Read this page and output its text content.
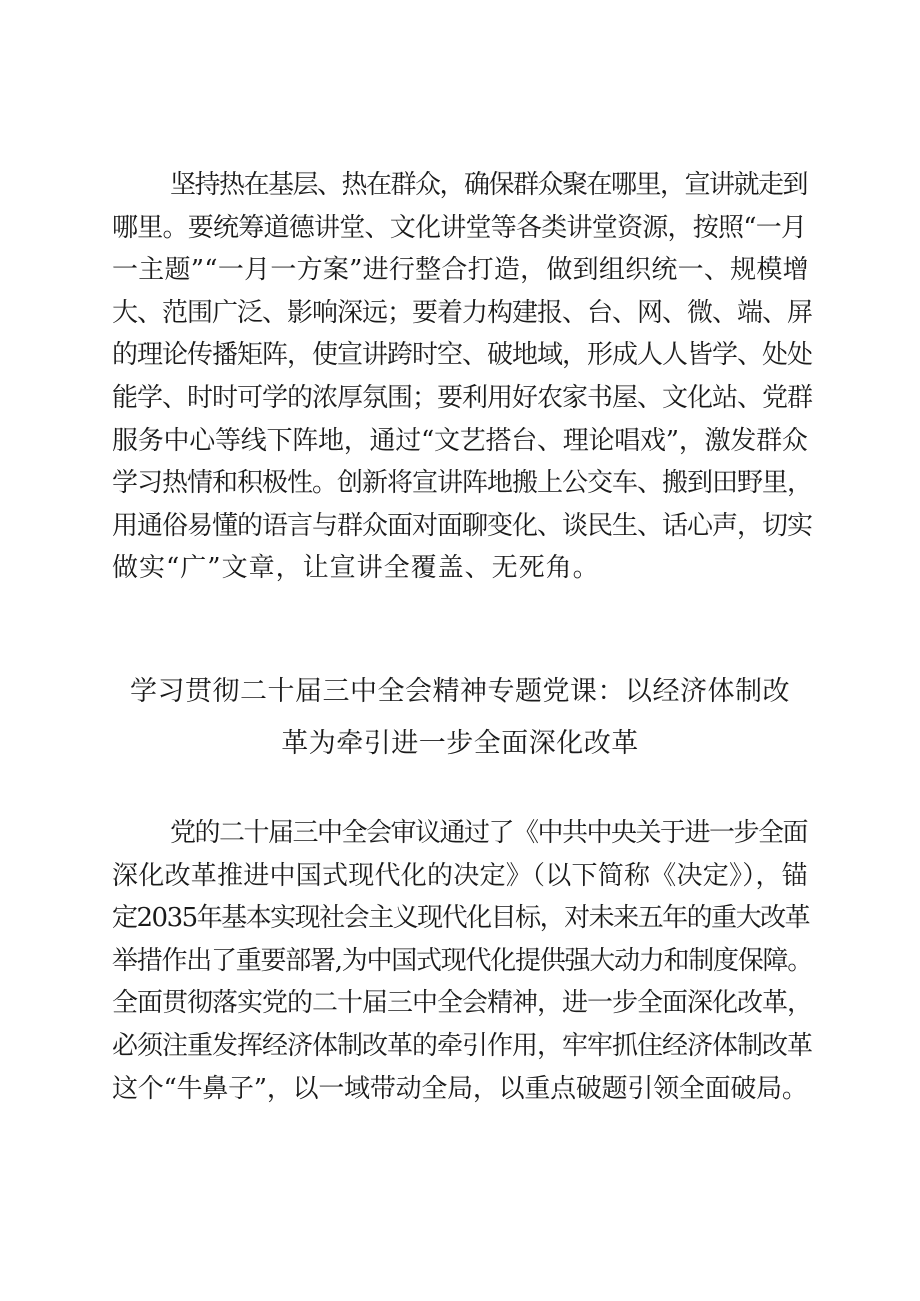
坚持热在基层、热在群众，确保群众聚在哪里，宣讲就走到
哪里。要统筹道德讲堂、文化讲堂等各类讲堂资源，按照“一月
一主题”“一月一方案”进行整合打造，做到组织统一、规模增
大、范围广泛、影响深远；要着力构建报、台、网、微、端、屏
的理论传播矩阵，使宣讲跨时空、破地域，形成人人皆学、处处
能学、时时可学的浓厚氛围；要利用好农家书屋、文化站、党群
服务中心等线下阵地，通过“文艺搭台、理论唱戏”，激发群众
学习热情和积极性。创新将宣讲阵地搬上公交车、搬到田野里，
用通俗易懂的语言与群众面对面聊变化、谈民生、话心声，切实
做实“广”文章，让宣讲全覆盖、无死角。
学习贯彻二十届三中全会精神专题党课：以经济体制改
革为牵引进一步全面深化改革
党的二十届三中全会审议通过了《中共中央关于进一步全面
深化改革推进中国式现代化的决定》（以下简称《决定》），锚
定2035年基本实现社会主义现代化目标，对未来五年的重大改革
举措作出了重要部署,为中国式现代化提供强大动力和制度保障。
全面贯彻落实党的二十届三中全会精神，进一步全面深化改革，
必须注重发挥经济体制改革的牵引作用，牢牢抓住经济体制改革
这个“牛鼻子”，以一域带动全局，以重点破题引领全面破局。
